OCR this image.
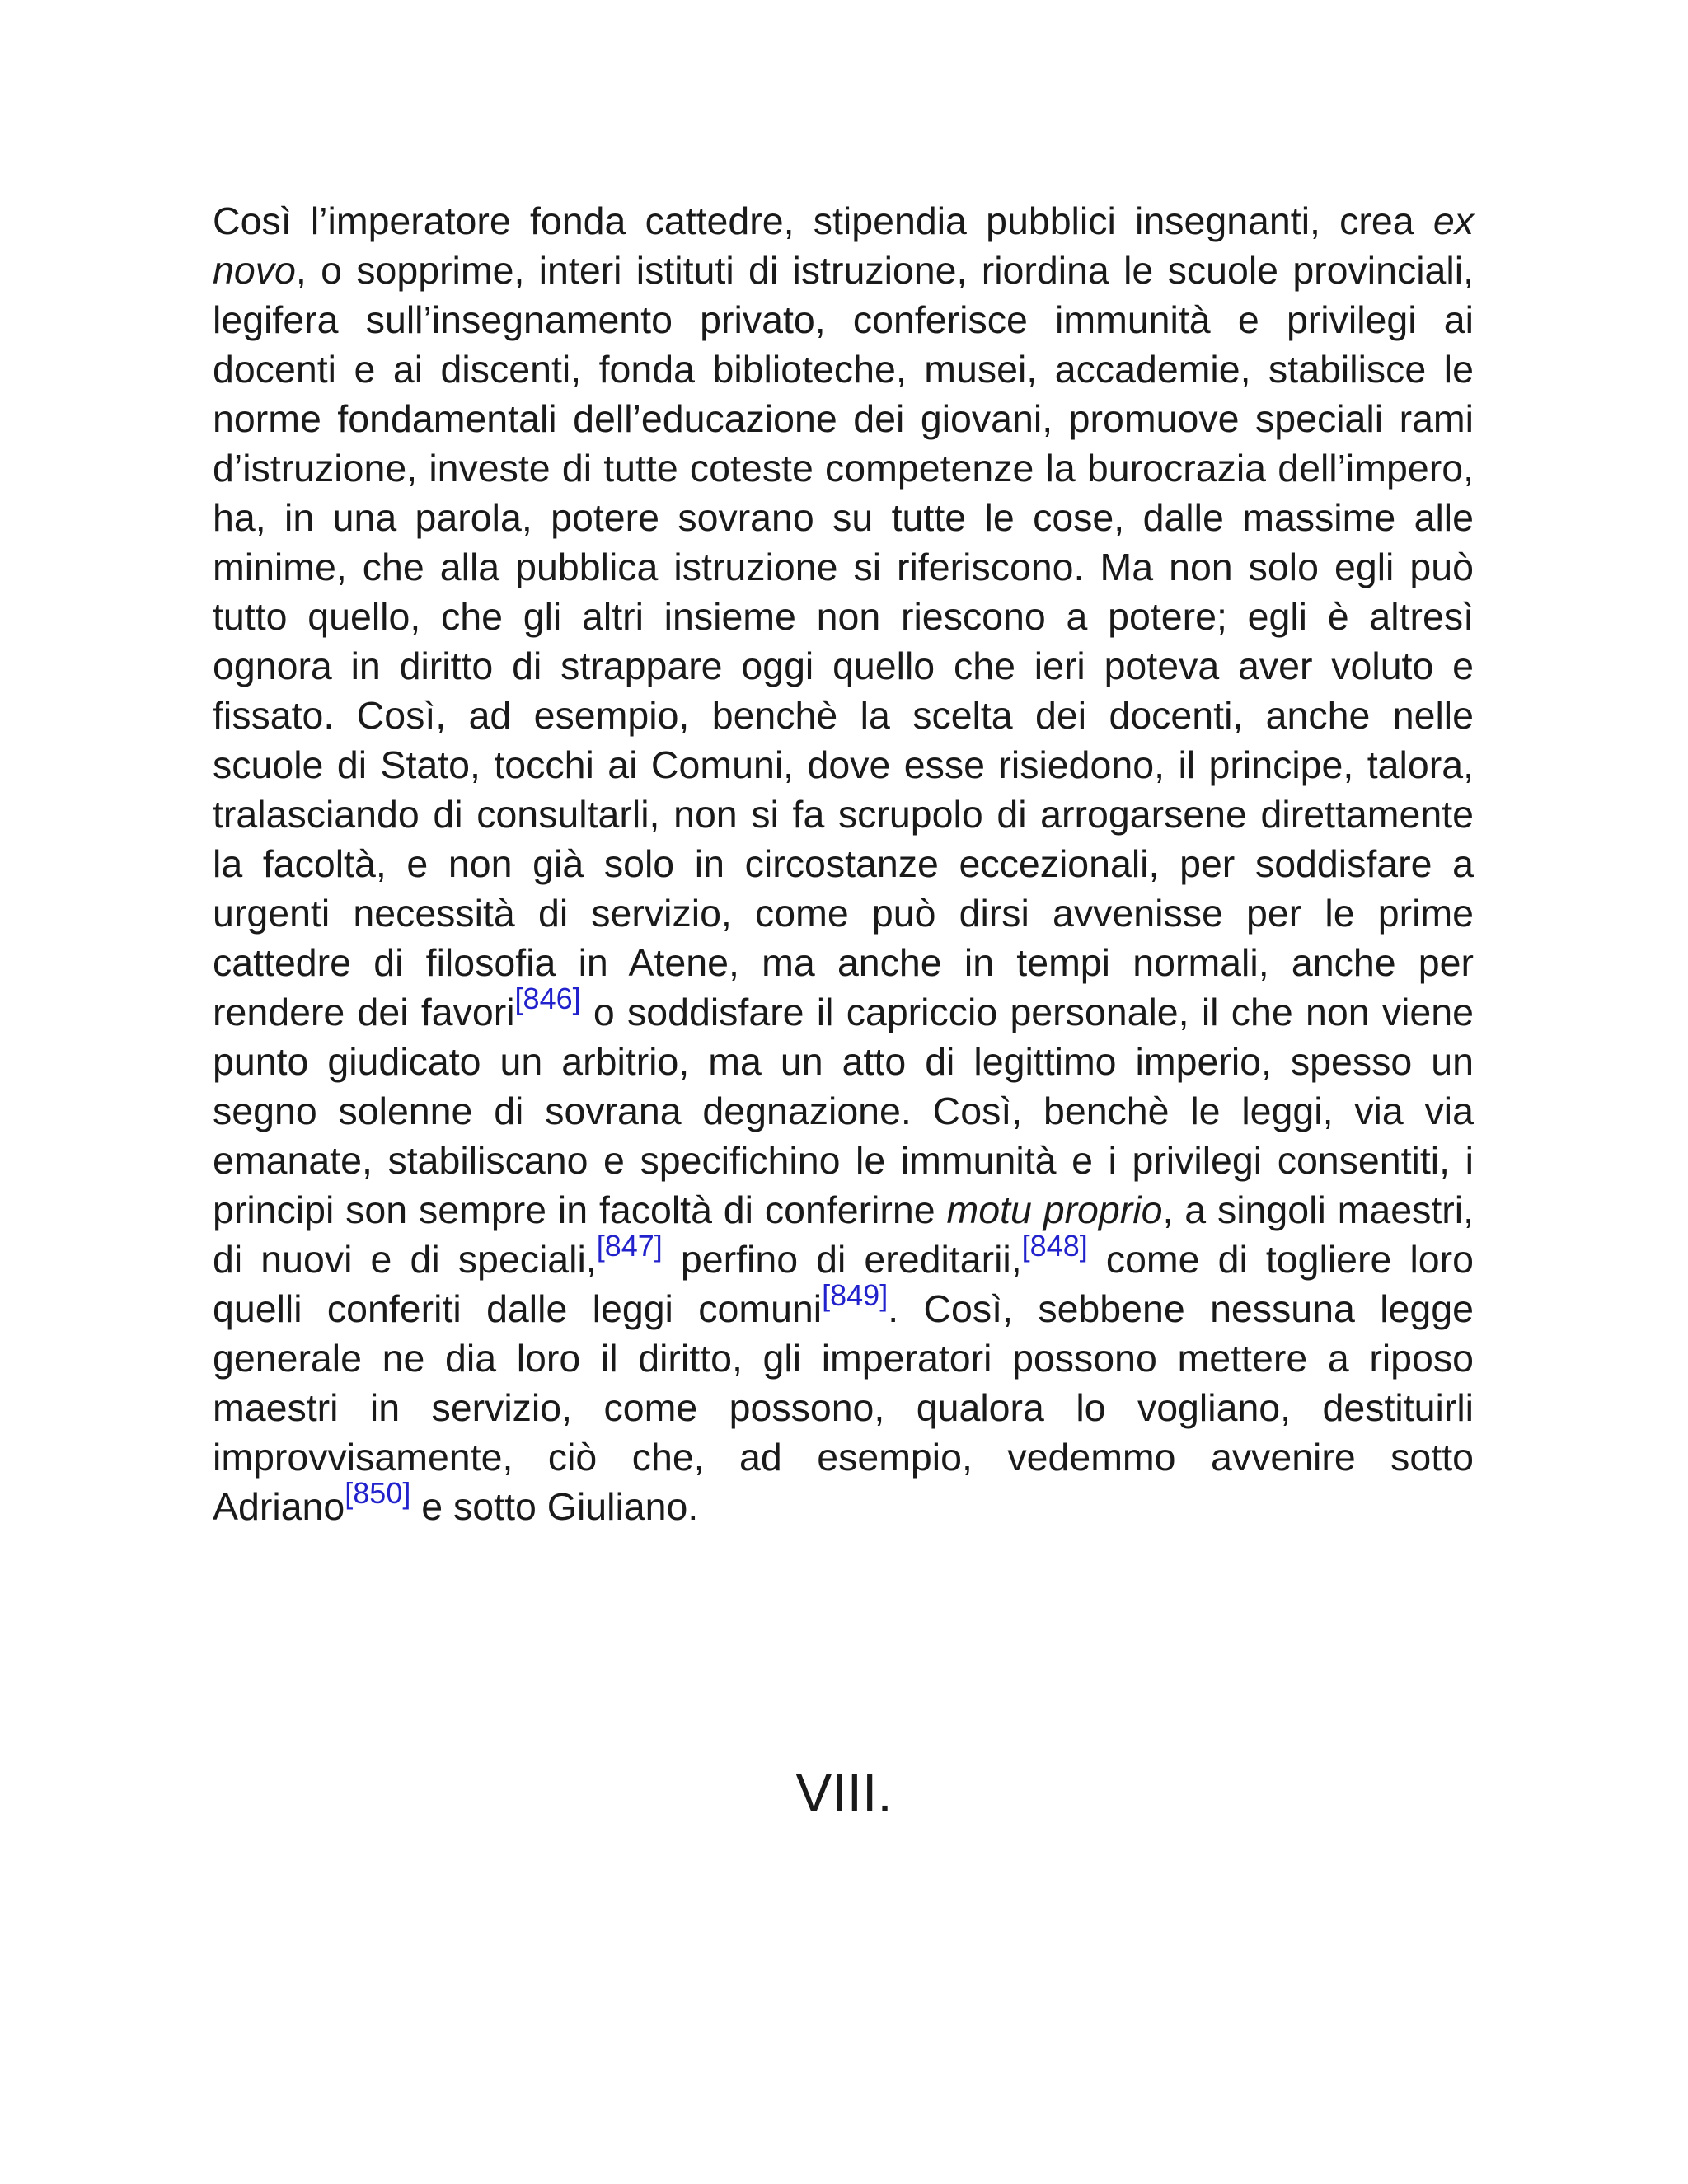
Così l’imperatore fonda cattedre, stipendia pubblici insegnanti, crea ex novo, o sopprime, interi istituti di istruzione, riordina le scuole provinciali, legifera sull’insegnamento privato, conferisce immunità e privilegi ai docenti e ai discenti, fonda biblioteche, musei, accademie, stabilisce le norme fondamentali dell’educazione dei giovani, promuove speciali rami d’istruzione, investe di tutte coteste competenze la burocrazia dell’impero, ha, in una parola, potere sovrano su tutte le cose, dalle massime alle minime, che alla pubblica istruzione si riferiscono. Ma non solo egli può tutto quello, che gli altri insieme non riescono a potere; egli è altresì ognora in diritto di strappare oggi quello che ieri poteva aver voluto e fissato. Così, ad esempio, benchè la scelta dei docenti, anche nelle scuole di Stato, tocchi ai Comuni, dove esse risiedono, il principe, talora, tralasciando di consultarli, non si fa scrupolo di arrogarsene direttamente la facoltà, e non già solo in circostanze eccezionali, per soddisfare a urgenti necessità di servizio, come può dirsi avvenisse per le prime cattedre di filosofia in Atene, ma anche in tempi normali, anche per rendere dei favori[846] o soddisfare il capriccio personale, il che non viene punto giudicato un arbitrio, ma un atto di legittimo imperio, spesso un segno solenne di sovrana degnazione. Così, benchè le leggi, via via emanate, stabiliscano e specifichino le immunità e i privilegi consentiti, i principi son sempre in facoltà di conferirne motu proprio, a singoli maestri, di nuovi e di speciali,[847] perfino di ereditarii,[848] come di togliere loro quelli conferiti dalle leggi comuni[849]. Così, sebbene nessuna legge generale ne dia loro il diritto, gli imperatori possono mettere a riposo maestri in servizio, come possono, qualora lo vogliano, destituirli improvvisamente, ciò che, ad esempio, vedemmo avvenire sotto Adriano[850] e sotto Giuliano.

VIII.
